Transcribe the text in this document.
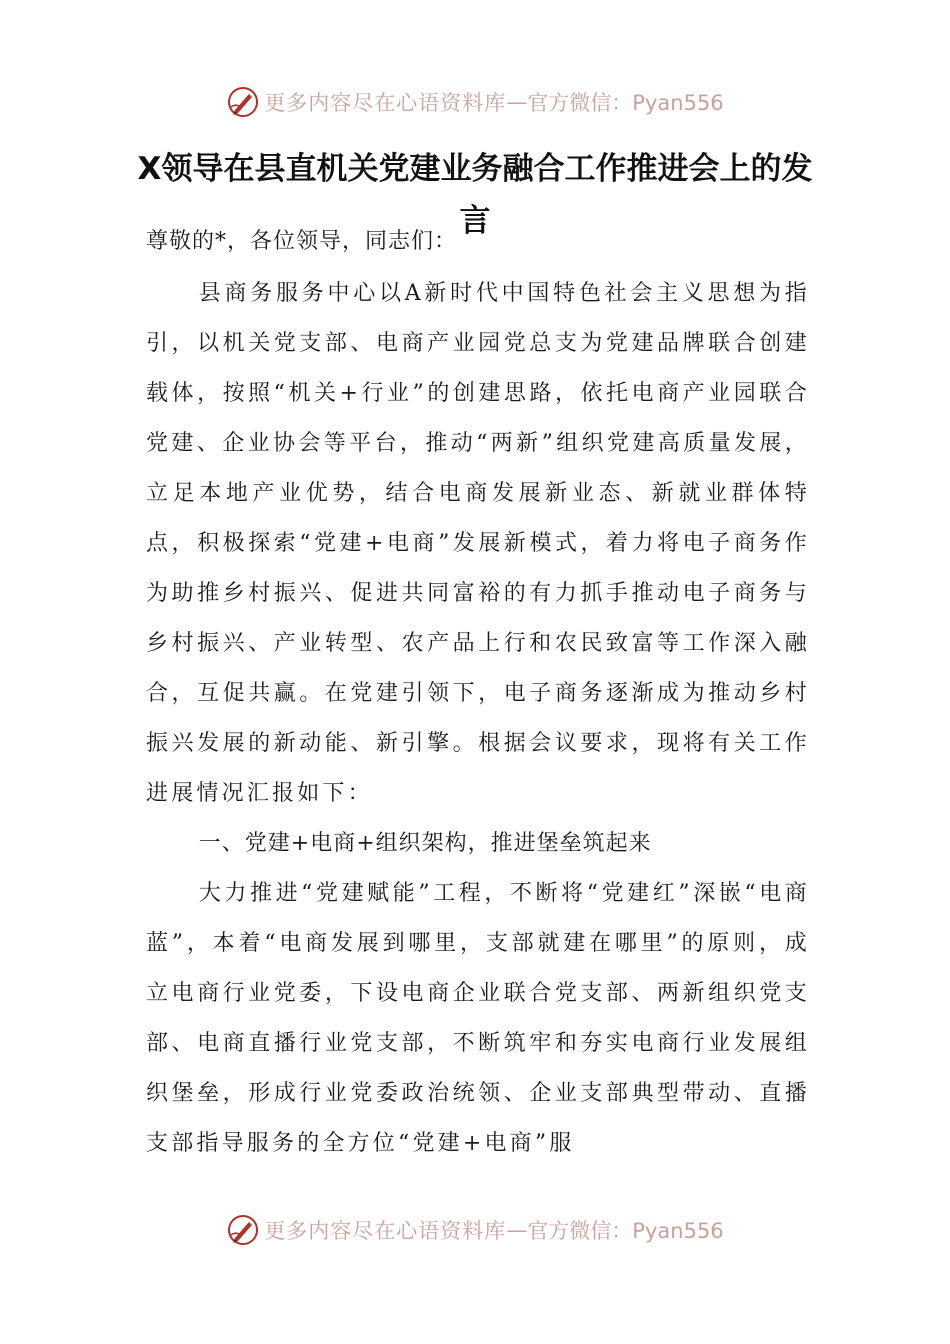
更多内容尽在心语资料库 — 官方微信：Pyan556
X领导在县直机关党建业务融合工作推进会上的发言

尊敬的*，各位领导，同志们：

县商务服务中心以A新时代中国特色社会主义思想为指引，以机关党支部、电商产业园党总支为党建品牌联合创建载体，按照“机关+行业”的创建思路，依托电商产业园联合党建、企业协会等平台，推动“两新”组织党建高质量发展，立足本地产业优势，结合电商发展新业态、新就业群体特点，积极探索“党建+电商”发展新模式，着力将电子商务作为助推乡村振兴、促进共同富裕的有力抓手推动电子商务与乡村振兴、产业转型、农产品上行和农民致富等工作深入融合，互促共赢。在党建引领下，电子商务逐渐成为推动乡村振兴发展的新动能、新引擎。根据会议要求，现将有关工作进展情况汇报如下：

一、党建+电商+组织架构，推进堡垒筑起来

大力推进“党建赋能”工程，不断将“党建红”深嵌“电商蓝”，本着“电商发展到哪里，支部就建在哪里”的原则，成立电商行业党委，下设电商企业联合党支部、两新组织党支部、电商直播行业党支部，不断筑牢和夯实电商行业发展组织堡垒，形成行业党委政治统领、企业支部典型带动、直播支部指导服务的全方位“党建+电商”服

更多内容尽在心语资料库 — 官方微信：Pyan556
